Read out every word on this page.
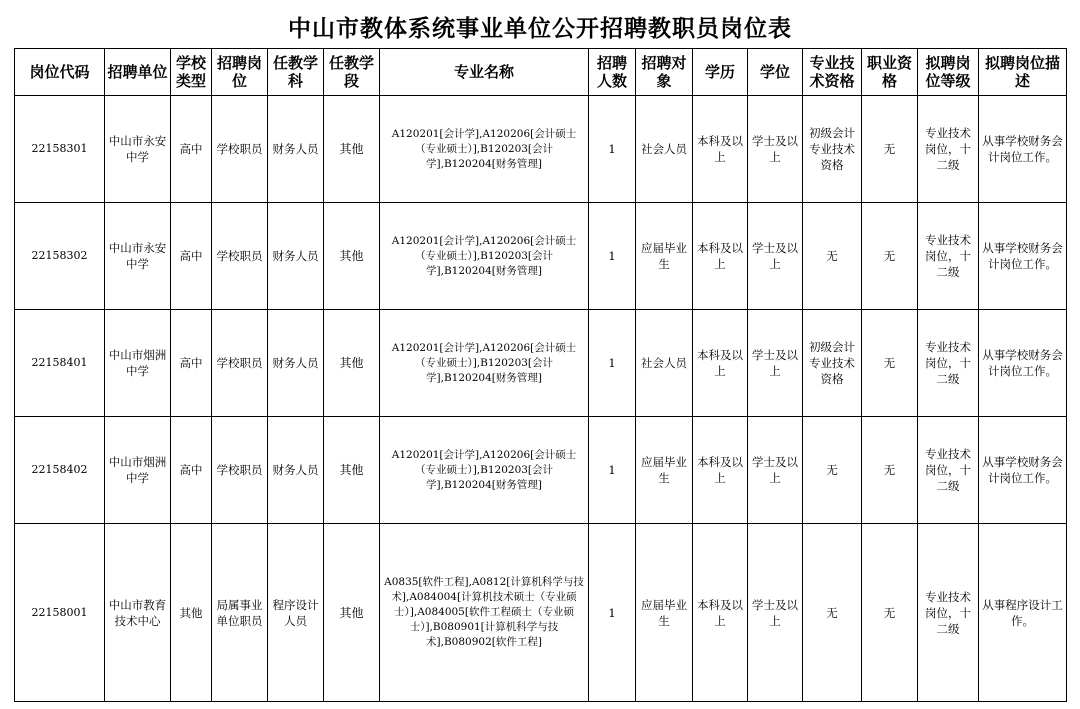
中山市教体系统事业单位公开招聘教职员岗位表
岗位代码	招聘单位	学校类型	招聘岗位	任教学科	任教学段	专业名称	招聘人数	招聘对象	学历	学位	专业技术资格	职业资格	拟聘岗位等级	拟聘岗位描述
22158301	中山市永安中学	高中	学校职员	财务人员	其他	A120201[会计学],A120206[会计硕士（专业硕士）],B120203[会计学],B120204[财务管理]	1	社会人员	本科及以上	学士及以上	初级会计专业技术资格	无	专业技术岗位，十二级	从事学校财务会计岗位工作。
22158302	中山市永安中学	高中	学校职员	财务人员	其他	A120201[会计学],A120206[会计硕士（专业硕士）],B120203[会计学],B120204[财务管理]	1	应届毕业生	本科及以上	学士及以上	无	无	专业技术岗位，十二级	从事学校财务会计岗位工作。
22158401	中山市烟洲中学	高中	学校职员	财务人员	其他	A120201[会计学],A120206[会计硕士（专业硕士）],B120203[会计学],B120204[财务管理]	1	社会人员	本科及以上	学士及以上	初级会计专业技术资格	无	专业技术岗位，十二级	从事学校财务会计岗位工作。
22158402	中山市烟洲中学	高中	学校职员	财务人员	其他	A120201[会计学],A120206[会计硕士（专业硕士）],B120203[会计学],B120204[财务管理]	1	应届毕业生	本科及以上	学士及以上	无	无	专业技术岗位，十二级	从事学校财务会计岗位工作。
22158001	中山市教育技术中心	其他	局属事业单位职员	程序设计人员	其他	A0835[软件工程],A0812[计算机科学与技术],A084004[计算机技术硕士（专业硕士）],A084005[软件工程硕士（专业硕士）],B080901[计算机科学与技术],B080902[软件工程]	1	应届毕业生	本科及以上	学士及以上	无	无	专业技术岗位，十二级	从事程序设计工作。
